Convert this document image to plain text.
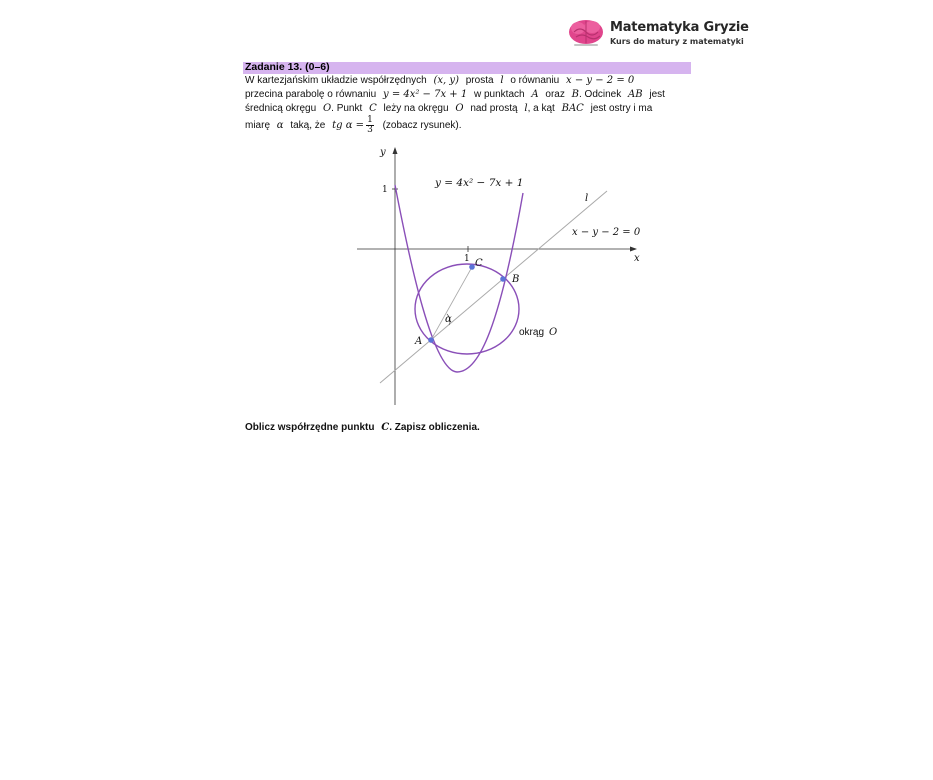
Matematyka Gryzie
Kurs do matury z matematyki
Zadanie 13. (0–6)
W kartezjańskim układzie współrzędnych (x, y) prosta l o równaniu x − y − 2 = 0
przecina parabolę o równaniu y = 4x² − 7x + 1 w punktach A oraz B. Odcinek AB jest
średnicą okręgu O. Punkt C leży na okręgu O nad prostą l, a kąt BAC jest ostry i ma
miarę α taką, że tg $\alpha = \frac{1}{3}$ (zobacz rysunek).
y
x
1
1
y = 4x² − 7x + 1
l
x − y − 2 = 0
A
B
C
α
okrąg O
Oblicz współrzędne punktu C. Zapisz obliczenia.
